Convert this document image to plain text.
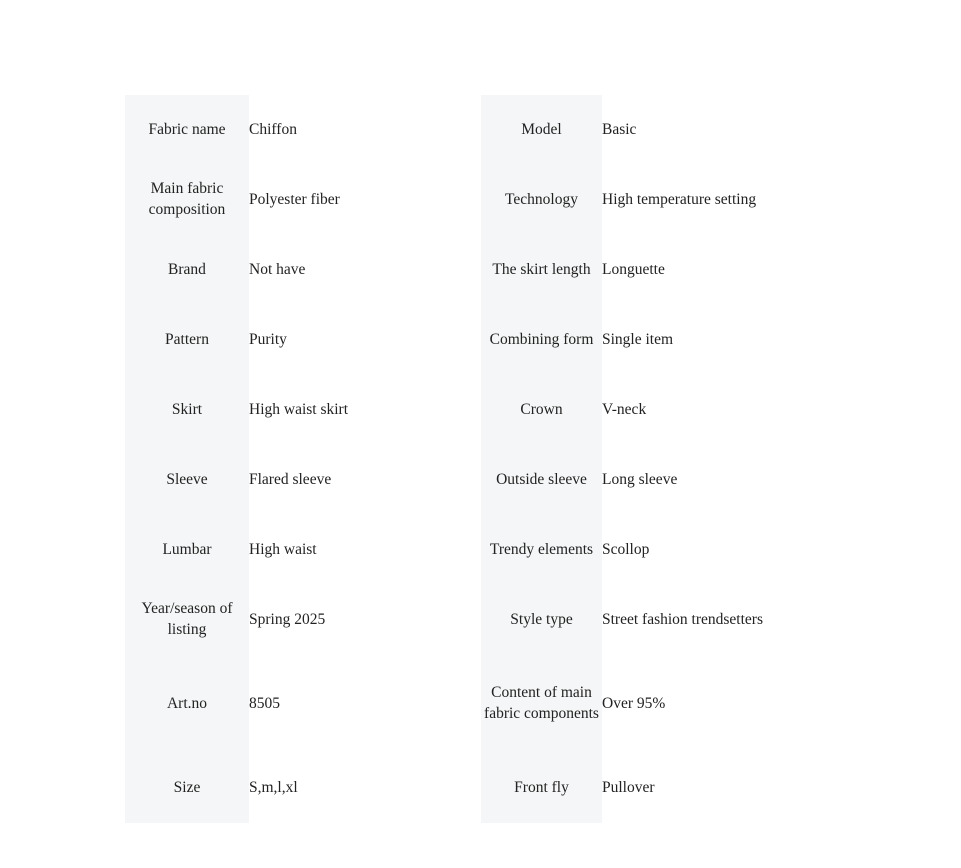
Fabric name	Chiffon	Model	Basic
Main fabric composition	Polyester fiber	Technology	High temperature setting
Brand	Not have	The skirt length	Longuette
Pattern	Purity	Combining form	Single item
Skirt	High waist skirt	Crown	V-neck
Sleeve	Flared sleeve	Outside sleeve	Long sleeve
Lumbar	High waist	Trendy elements	Scollop
Year/season of listing	Spring 2025	Style type	Street fashion trendsetters
Art.no	8505	Content of main fabric components	Over 95%
Size	S,m,l,xl	Front fly	Pullover
